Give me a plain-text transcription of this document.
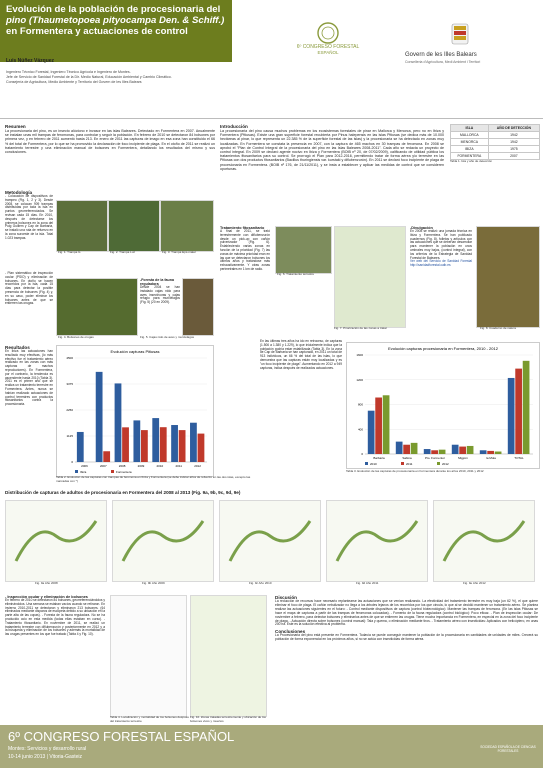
Evolución de la población de procesionaria del
pino (Thaumetopoea pityocampa Den. & Schiff.)
en Formentera y actuaciones de control
Luis Núñez Vázquez
6º CONGRESO FORESTAL
ESPAÑOL	Govern de les Illes Balears
Conselleria d'Agricultura, Medi Ambient i Territori
Ingeniero Técnico Forestal, Ingeniero Técnico Agrícola e Ingeniero de Montes.
Jefe de Servicio de Sanidad Forestal de la Dir. Medio Natural, Educación Ambiental y Cambio Climático.
Consejería de Agricultura, Medio Ambiente y Territorio del Govern de les Illes Balears
Resumen
La procesionaria del pino, es un insecto alóctono e invasor en las islas Baleares. Detectado en Formentera en 2007. Anualmente se instalan unas mil trampas de feromonas, para controlar y seguir la población. En febrero de 2010 se detectaron 84 bolsones por primera vez, y en febrero de 2011 aumentó hasta 213. En enero de 2011 las capturas de imago en esa zona han constituido el 66 % del total de Formentera, por lo que se ha promovido la declaración de foco incipiente de plaga. En el otoño de 2011 se realizó un tratamiento terrestre y una eliminación manual de bolsones en Formentera, detallando los resultados del mismo y sus conclusiones.
Metodología
- Colocación de dispositivos de trampeo (Fig. 1, 2 y 3). Desde 2008, se colocan 909 trampas distribuidas por toda la isla en puntos georreferenciados. Se revisan cada 15 días. En 2010, después de detectarse los primeros bolsones en la zona del Puig Guillem y Cap de Barbaria, se instaló una ruta de refuerzo en la zona suroeste de la isla. Total 1.023 trampas.
Fig. 1. Trampa G	Fig. 2. Trampa Luz	Fig. 3. Trampa Eps-mater
- Plan sistemático de inspección ocular (PSIO) y eliminación de bolsones. En otoño se hacen recorridos por la isla, cada 15 días para detectar la posible presencia de bolsones (Fig. 4) y, en su caso, poder eliminar los bolsones antes de que se entierren las orugas.
Fig. 4. Bolsones de orugas
-Foresta de la fauna reguladora
Desde 2004 se han instalado cajas nido para aves insectívoras y cajas refugio para murciélagos (Fig. 5) (20 en 2009).
Fig. 5. Cajas nido de aves y murciélagos
Resultados
En Ibiza las actuaciones han resultado muy efectivas, (lo más efectivo fue el tratamiento aéreo realizado en las zonas con más capturas de machos reproductores). En Formentera, por el contrario, la tendencia es ascendente hasta 2010 (Tabla 3). 2011 es el primer año que se realiza un tratamiento terrestre en Formentera. Antes, nunca se habían realizado actuaciones de control terrestres con productos fitosanitarios contra la procesionaria.
Evolución capturas Pitiusas
0
1125
2250
3375
4500
2006	2007	2008	2009	2010	2011	2012
Ibiza	Formentera
Tabla 2. Evolución de las capturas con trampas de feromona en Ibiza y Formentera (se debe indicar años de refuerzo en las dos islas, excepto las marcadas con *)
Introducción
La procesionaria del pino causa muchos problemas en los ecosistemas forestales de pinar en Mallorca y Menorca, pero no en Ibiza y Formentera (Pitiusas). Existe una gran superficie forestal recubierta por Pinus halepensis en las islas Pitiusas (se dedica más de 10.000 hectáreas al pinar, lo que representa un 22.385 % de la superficie forestal de las islas) y la procesionaria se ha detectado en zonas muy localizadas. En Formentera se constata la presencia en 2007, con la captura de 465 machos en 30 trampas de feromona. En 2008 se aprobó el "Plan de Control Integral de la procesionaria del pino en las Islas Baleares 2008-2011". Cada año se redacta un proyecto de control integral. En 2009 se declaró agente nocivo en Ibiza y Formentera (BOIB nº 20, de 07/02/2009), calificando de utilidad pública los tratamientos fitosanitarios para su control. Se prorrogó el Plan para 2012-2016, permitiendo tratar de forma aérea y/o terrestre en las Pitiusas con dos productos fitosanitarios (Bacillus thuringiensis var. kurstaki y diflubenzurón). En 2011 se declaró foco incipiente de plaga de procesionaria en Formentera. (BOIB nº 176, de 21/11/2011), y se insta a establecer y aplicar las medidas de control que se consideren oportunas.
ISLA	AÑO DE DETECCIÓN
MALLORCA	1942
MENORCA	1942
IBIZA	1975
FORMENTERA	2007
Tabla 1. Isla y año de detección
Tratamiento fitosanitario
A final de 2011, se trató terrestremente con diflubenzurón desde un pick-up con cañón pulverizador (Fig. 6). Estableciendo varias zonas en función de la prioridad (Fig. 7) las zonas de máxima prioridad eran en las que se detectaron bolsones los últimos años y tratándose más exhaustivamente. Y otras zonas perimetrales en 1 km de radio.
Fig. 6. Tratamiento terrestre
Fig. 7. Priorización de las zonas a tratar
-Divulgación
En 2008 se realizó una jornada técnica en Ibiza y Formentera. Se han publicado cuadernos (Fig. 8), folletos y artículos con las actuaciones que se deberían desarrollar para mantener la población en unos umbrales muy bajos, (control integral), con los criterios de la Estrategia de Sanidad Forestal de Baleares.
Ver web del Servicio de Sanidad Forestal http://sanidadforestal.caib.es
Fig. 8. Cuaderno de natura
En las últimas tres años ha ido en retroceso, de capturas (1.506 a 1.380 y 1.229), lo que inicialmente indica que la población podría estar estabilizada (Tabla 3). En la zona de Cap de Barbaria se han capturado, en 2011 un total de 913 individuos, un 66 % del total de las islas, lo que demuestra que las capturas están muy localizadas y es "un foco incipiente de plaga". Aumentando en 2012 a 949 capturas, indica después de realizados actuaciones.
Evolución capturas procesionaria en Formentera, 2010 - 2012
0
400
800
1200
1600
Barbaria	Sabina	Pto. Formentor	Migjorn	la Mola	TOTAL
2010	2011	2012
Tabla 3. Evolución de las capturas de procesionaria en Formentera durante los años 2010, 2011 y 2012
Distribución de capturas de adultos de procesionaria en Formentera del 2008 al 2013 (Fig. 9a, 9b, 9c, 9d, 9e)
Fig. 9a Año 2008	Fig. 9b Año 2009	Fig. 9c Año 2010	Fig. 9d Año 2011	Fig. 9e Año 2012
- Inspección ocular y eliminación de bolsones
En febrero de 2010 se detectaron 84 bolsones, georreferenciándolos y eliminándolos. Una semana se estaban vacíos cuando se retiraron. En invierno 2010-2011 se detectaron y eliminaron 213 bolsones. (64 eliminados mediante disparos de escopeta debido a su ubicación en la parte alta de las copas). - Foresta de la fauna reguladora. No se ha producido ocio en esta medida (todas ellas estaban en curso). - Tratamiento fitosanitario. En noviembre de 2011, se realizó un tratamiento terrestre con diflubenzurón y posteriormente en 2012 y a la búsqueda y eliminación de los bolsones y además la mortalidad de las orugas presentes en los que fue tratado (Tabla 4 y Fig. 10).
Tabla 4. Localización y mortalidad de los bolsones después del tratamiento terrestre
Fig. 10. Zonas tratadas terrestremente y ubicación de los bolsones vivos y muertos
Discusión
La reducción de recursos hace necesario replantearse las actuaciones que se venían realizando. La efectividad del tratamiento terrestre es muy baja (un 62 %), el que quiere eliminar el foco de plaga. El cañón nebulizador no llega a los árboles lejanos de los recorridos por los que circula, lo que al se decidió mantener un tratamiento aéreo. Se plantea realizar las actuaciones siguientes en el futuro: - Control mediante dispositivos de captura (control biotecnológico): Mantener las trampas de feromona. (En las islas Pitiusas se hace el mapa de capturas a partir de las trampas de feromonas colocadas). - Fomento de la fauna reguladora (control biológico): Poco eficaz. - Plan de inspección ocular: De noviembre a febrero, para detectar bolsones y eliminarlos antes de que se entierren las orugas. Tiene mucha importancia en Formentera, en especial en la zona del foco incipiente de plaga. - Actuación directa sobre bolsones (control manual): Tala y quema, o eliminación mediante tiros. - Tratamiento aéreo con insecticidas: Aplicados con helicóptero, en unas 200 ha. Este es la solución efectiva al problema.
Conclusiones
La Procesionaria del pino está presente en Formentera. Todavía se puede conseguir mantener la población de la procesionaria en cantidades de unidades de miles. Crecerá su población de forma exponencial en los próximos años, si no se actúa con insecticidas de forma aérea.
6º CONGRESO FORESTAL ESPAÑOL
Montes: Servicios y desarrollo rural
10-14 junio 2013 | Vitoria-Gasteiz
SOCIEDAD ESPAÑOLA DE CIENCIAS FORESTALES
